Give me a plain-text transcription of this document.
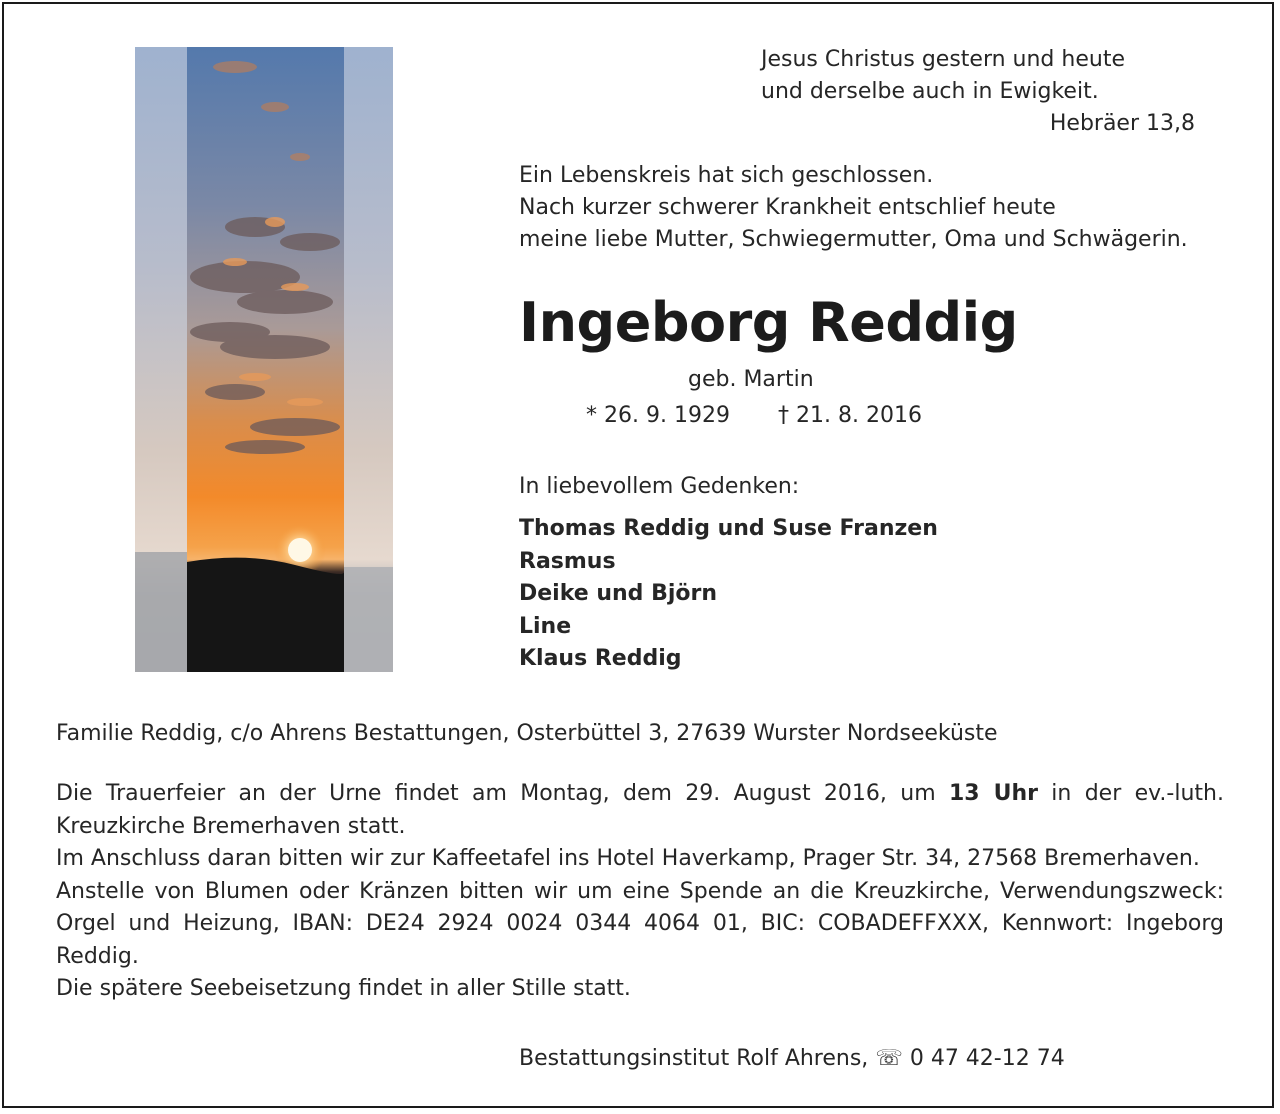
Jesus Christus gestern und heute
und derselbe auch in Ewigkeit.
Hebräer 13,8
Ein Lebenskreis hat sich geschlossen.
Nach kurzer schwerer Krankheit entschlief heute
meine liebe Mutter, Schwiegermutter, Oma und Schwägerin.
Ingeborg Reddig
geb. Martin
* 26. 9. 1929 † 21. 8. 2016
In liebevollem Gedenken:
Thomas Reddig und Suse Franzen
Rasmus
Deike und Björn
Line
Klaus Reddig
Familie Reddig, c/o Ahrens Bestattungen, Osterbüttel 3, 27639 Wurster Nordseeküste

Die Trauerfeier an der Urne findet am Montag, dem 29. August 2016, um 13 Uhr in der ev.-luth. Kreuzkirche Bremerhaven statt.

Im Anschluss daran bitten wir zur Kaffeetafel ins Hotel Haverkamp, Prager Str. 34, 27568 Bremerhaven.

Anstelle von Blumen oder Kränzen bitten wir um eine Spende an die Kreuzkirche, Verwendungszweck: Orgel und Heizung, IBAN: DE24 2924 0024 0344 4064 01, BIC: COBADEFFXXX, Kennwort: Ingeborg Reddig.

Die spätere Seebeisetzung findet in aller Stille statt.

Bestattungsinstitut Rolf Ahrens, ☏ 0 47 42-12 74
